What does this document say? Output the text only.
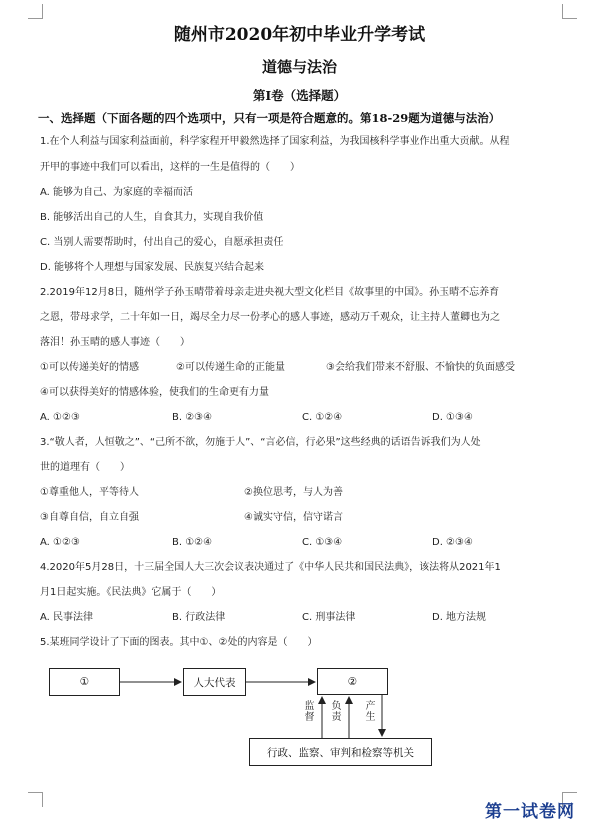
随州市2020年初中毕业升学考试
道德与法治
第I卷（选择题）
一、选择题（下面各题的四个选项中，只有一项是符合题意的。第18-29题为道德与法治）
1.在个人利益与国家利益面前，科学家程开甲毅然选择了国家利益，为我国核科学事业作出重大贡献。从程
开甲的事迹中我们可以看出，这样的一生是值得的（　　）
A. 能够为自己、为家庭的幸福而活
B. 能够活出自己的人生，自食其力，实现自我价值
C. 当别人需要帮助时，付出自己的爱心，自愿承担责任
D. 能够将个人理想与国家发展、民族复兴结合起来
2.2019年12月8日，随州学子孙玉晴带着母亲走进央视大型文化栏目《故事里的中国》。孙玉晴不忘养育
之恩，带母求学，二十年如一日，竭尽全力尽一份孝心的感人事迹，感动万千观众，让主持人董卿也为之
落泪！孙玉晴的感人事迹（　　）
①可以传递美好的情感	②可以传递生命的正能量	③会给我们带来不舒服、不愉快的负面感受
④可以获得美好的情感体验，使我们的生命更有力量
A. ①②③	B. ②③④	C. ①②④	D. ①③④
3.“敬人者，人恒敬之”、“己所不欲，勿施于人”、“言必信，行必果”这些经典的话语告诉我们为人处
世的道理有（　　）
①尊重他人，平等待人	②换位思考，与人为善
③自尊自信，自立自强	④诚实守信，信守诺言
A. ①②③	B. ①②④	C. ①③④	D. ②③④
4.2020年5月28日，十三届全国人大三次会议表决通过了《中华人民共和国民法典》，该法将从2021年1
月1日起实施。《民法典》它属于（　　）
A. 民事法律	B. 行政法律	C. 刑事法律	D. 地方法规
5.某班同学设计了下面的图表。其中①、②处的内容是（　　）
①	人大代表	②
行政、监察、审判和检察等机关
监督
负责
产生
第一试卷网
